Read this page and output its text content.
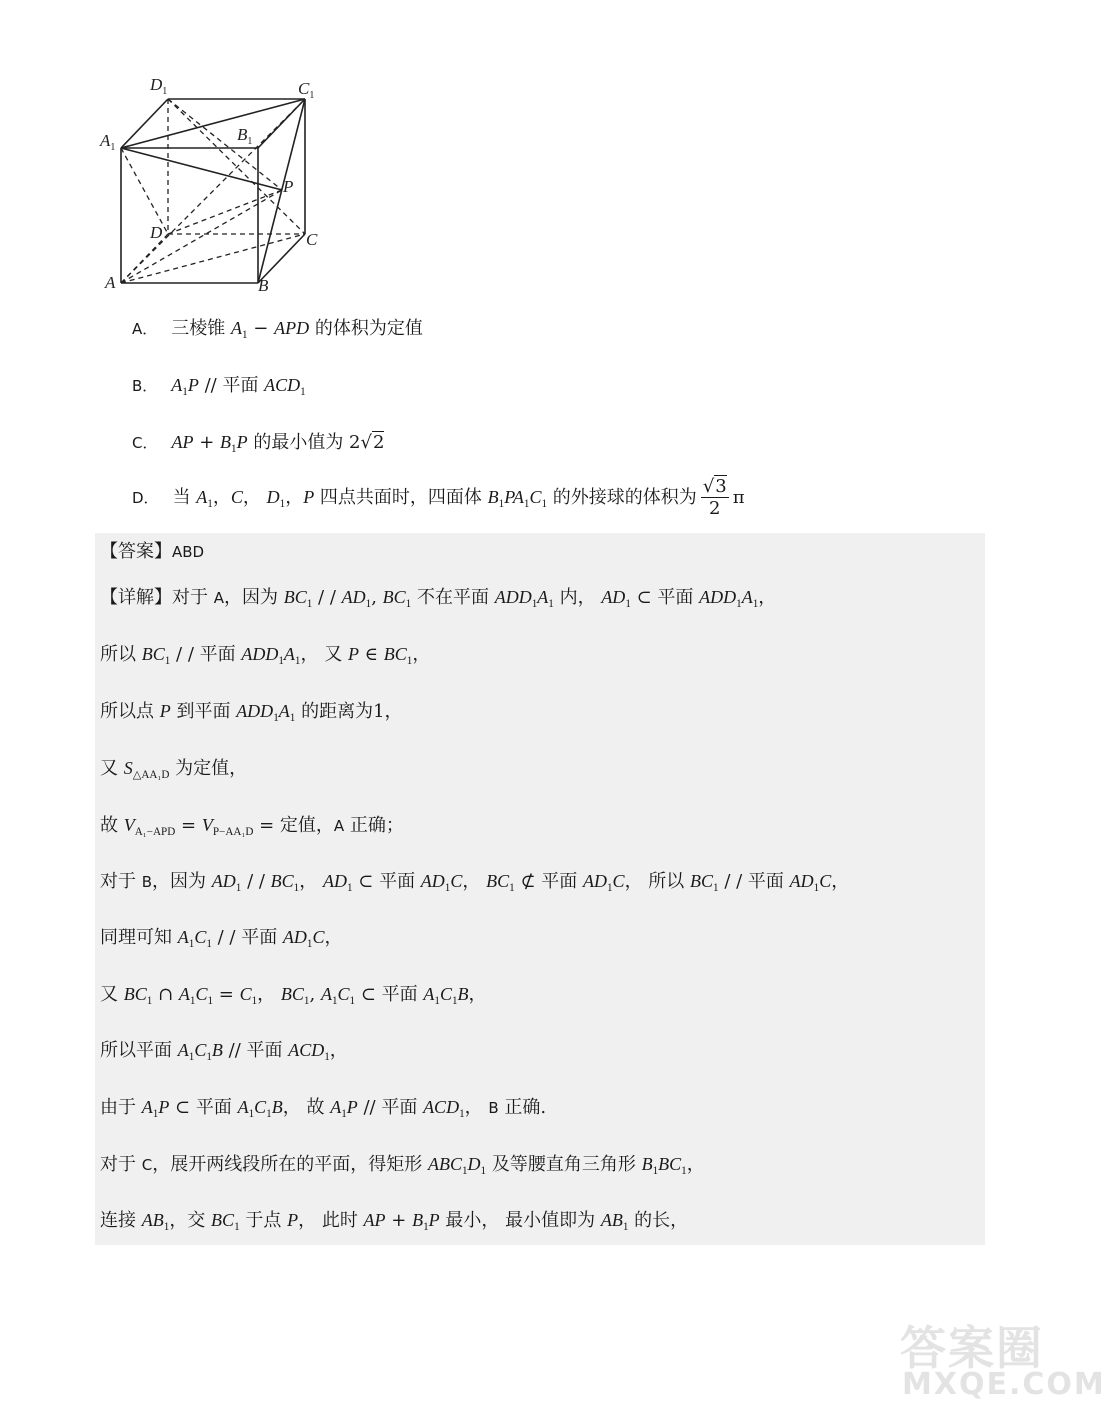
$D_1$	$C_1$
$A_1$
$B_1$
P
D	C
A	B
A． 三棱锥 $A_1$ − APD 的体积为定值
B． $A_1P$ // 平面 $ACD_1$
C． AP + $B_1P$ 的最小值为 2√2
D． 当 $A_1$，C， $D_1$，P 四点共面时，四面体 $B_1PA_1C_1$ 的外接球的体积为 $\frac{√3}{2}$ π
【答案】ABD
【详解】对于 A，因为 $BC_1$ / / $AD_1$, $BC_1$ 不在平面 $ADD_1A_1$ 内， $AD_1$ ⊂ 平面 $ADD_1A_1$，
所以 $BC_1$ / / 平面 $ADD_1A_1$， 又 P ∈ $BC_1$，
所以点 P 到平面 $ADD_1A_1$ 的距离为1，
又 $S_{\triangle AA_1D}$ 为定值，
故 $V_{A_1-APD} = V_{P-AA_1D}$ = 定值，A 正确；
对于 B，因为 $AD_1$ / / $BC_1$， $AD_1$ ⊂ 平面 $AD_1C$， $BC_1$ ⊄ 平面 $AD_1C$， 所以 $BC_1$ / / 平面 $AD_1C$，
同理可知 $A_1C_1$ / / 平面 $AD_1C$，
又 $BC_1$ ∩ $A_1C_1 = C_1$， $BC_1$, $A_1C_1$ ⊂ 平面 $A_1C_1B$，
所以平面 $A_1C_1B$ // 平面 $ACD_1$，
由于 $A_1P$ ⊂ 平面 $A_1C_1B$， 故 $A_1P$ // 平面 $ACD_1$， B 正确.
对于 C，展开两线段所在的平面，得矩形 $ABC_1D_1$ 及等腰直角三角形 $B_1BC_1$，
连接 $AB_1$，交 $BC_1$ 于点 P， 此时 AP + $B_1P$ 最小， 最小值即为 $AB_1$ 的长，
答案圈
MXQE.COM
